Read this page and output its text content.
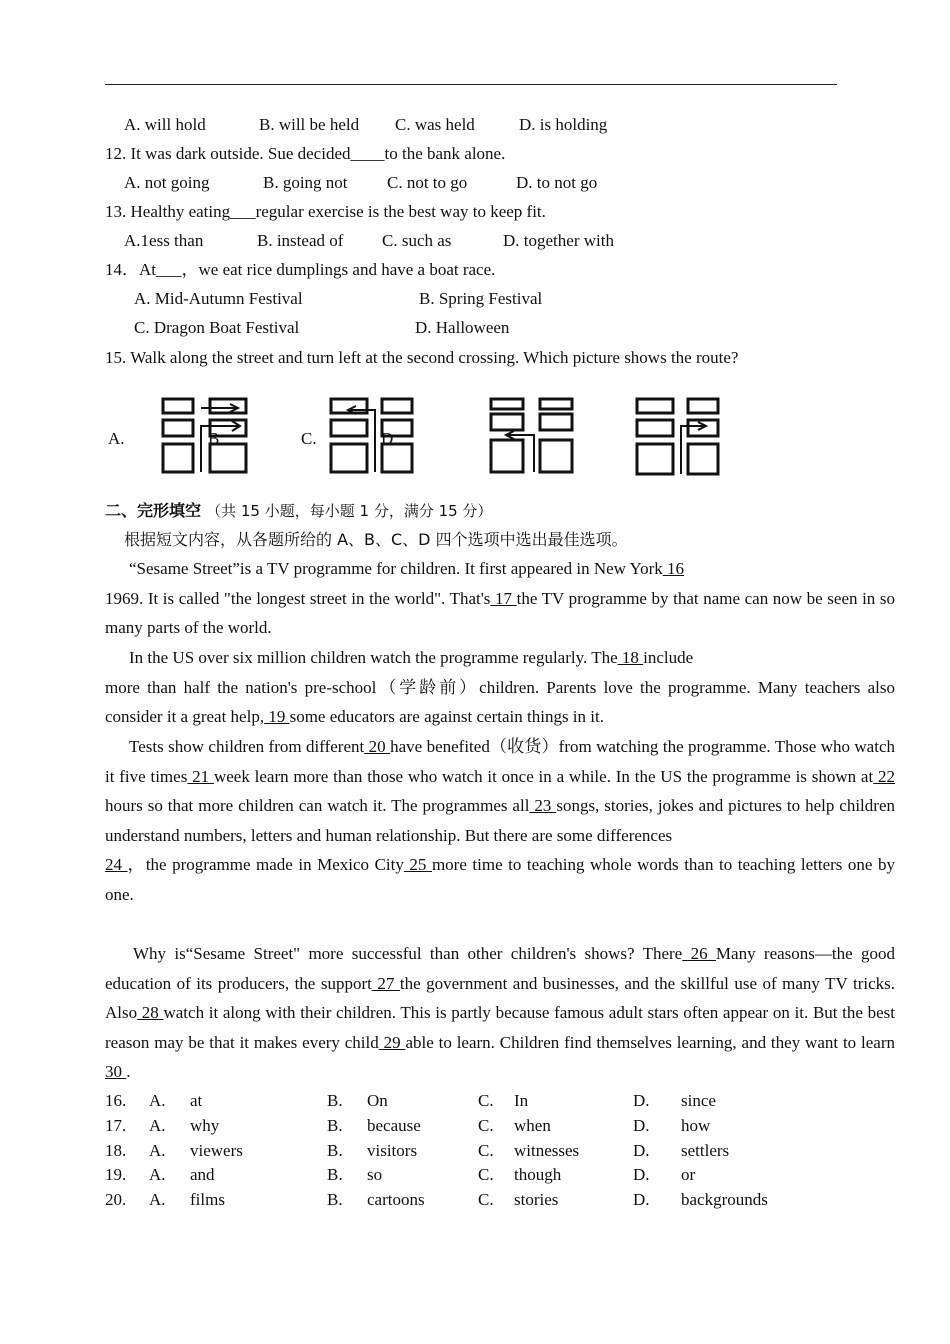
A. will hold	B. will be held C. was held	D. is holding
12. It was dark outside. Sue decided____to the bank alone.
A. not going	B. going not C. not to go	D. to not go
13. Healthy eating___regular exercise is the best way to keep fit.
A.1ess than	B. instead of C. such as	D. together with
14．At___，we eat rice dumplings and have a boat race.
A. Mid-Autumn Festival	B. Spring Festival
C. Dragon Boat Festival	D. Halloween
15. Walk along the street and turn left at the second crossing. Which picture shows the route?
A.	B	C.	D
二、完形填空 （共 15 小题，每小题 1 分，满分 15 分）
根据短文内容，从各题所给的 A、B、C、D 四个选项中选出最佳选项。
“Sesame Street”is a TV programme for children. It first appeared in New York 16
1969. It is called "the longest street in the world". That's 17 the TV programme by that name can now be seen in so many parts of the world.
In the US over six million children watch the programme regularly. The 18 include
more than half the nation's pre-school（学龄前）children. Parents love the programme. Many teachers also consider it a great help, 19 some educators are against certain things in it.
Tests show children from different 20 have benefited（收货）from watching the programme. Those who watch it five times 21 week learn more than those who watch it once in a while. In the US the programme is shown at 22 hours so that more children can watch it. The programmes all 23 songs, stories, jokes and pictures to help children understand numbers, letters and human relationship. But there are some differences
24 ，the programme made in Mexico City 25 more time to teaching whole words than to teaching letters one by one.
Why is“Sesame Street" more successful than other children's shows? There 26 Many reasons—the good education of its producers, the support 27 the government and businesses, and the skillful use of many TV tricks. Also 28 watch it along with their children. This is partly because famous adult stars often appear on it. But the best reason may be that it makes every child 29 able to learn. Children find themselves learning, and they want to learn 30 .
16. A. at	B. On	C. In	D. since
17. A. why	B. because	C. when	D. how
18. A. viewers	B. visitors	C. witnesses	D. settlers
19. A. and	B. so	C. though	D. or
20. A. films	B. cartoons	C. stories	D. backgrounds
